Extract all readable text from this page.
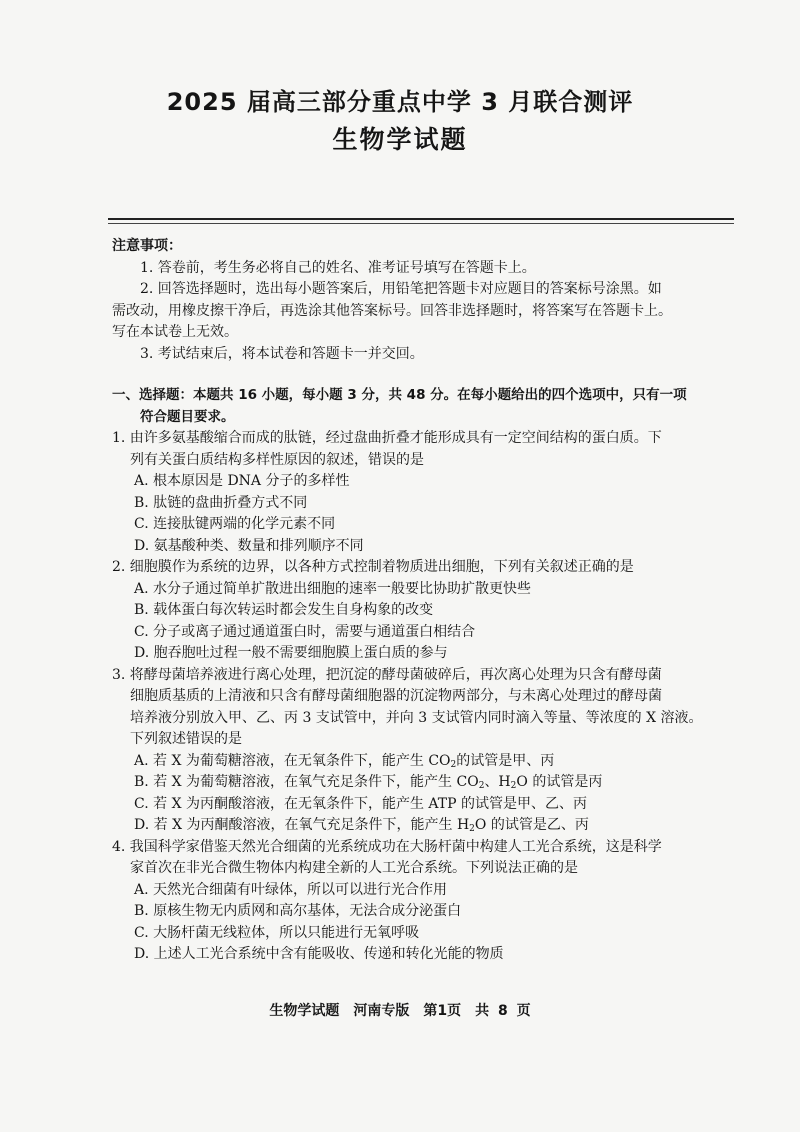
2025 届高三部分重点中学 3 月联合测评
生物学试题

注意事项：

1. 答卷前，考生务必将自己的姓名、准考证号填写在答题卡上。

2. 回答选择题时，选出每小题答案后，用铅笔把答题卡对应题目的答案标号涂黑。如

需改动，用橡皮擦干净后，再选涂其他答案标号。回答非选择题时，将答案写在答题卡上。

写在本试卷上无效。

3. 考试结束后，将本试卷和答题卡一并交回。

一、选择题：本题共 16 小题，每小题 3 分，共 48 分。在每小题给出的四个选项中，只有一项

符合题目要求。

1. 由许多氨基酸缩合而成的肽链，经过盘曲折叠才能形成具有一定空间结构的蛋白质。下

列有关蛋白质结构多样性原因的叙述，错误的是

A. 根本原因是 DNA 分子的多样性

B. 肽链的盘曲折叠方式不同

C. 连接肽键两端的化学元素不同

D. 氨基酸种类、数量和排列顺序不同

2. 细胞膜作为系统的边界，以各种方式控制着物质进出细胞，下列有关叙述正确的是

A. 水分子通过简单扩散进出细胞的速率一般要比协助扩散更快些

B. 载体蛋白每次转运时都会发生自身构象的改变

C. 分子或离子通过通道蛋白时，需要与通道蛋白相结合

D. 胞吞胞吐过程一般不需要细胞膜上蛋白质的参与

3. 将酵母菌培养液进行离心处理，把沉淀的酵母菌破碎后，再次离心处理为只含有酵母菌

细胞质基质的上清液和只含有酵母菌细胞器的沉淀物两部分，与未离心处理过的酵母菌

培养液分别放入甲、乙、丙 3 支试管中，并向 3 支试管内同时滴入等量、等浓度的 X 溶液。

下列叙述错误的是

A. 若 X 为葡萄糖溶液，在无氧条件下，能产生 $CO_2$的试管是甲、丙

B. 若 X 为葡萄糖溶液，在氧气充足条件下，能产生 $CO_2$、$H_2O$ 的试管是丙

C. 若 X 为丙酮酸溶液，在无氧条件下，能产生 ATP 的试管是甲、乙、丙

D. 若 X 为丙酮酸溶液，在氧气充足条件下，能产生 $H_2O$ 的试管是乙、丙

4. 我国科学家借鉴天然光合细菌的光系统成功在大肠杆菌中构建人工光合系统，这是科学

家首次在非光合微生物体内构建全新的人工光合系统。下列说法正确的是

A. 天然光合细菌有叶绿体，所以可以进行光合作用

B. 原核生物无内质网和高尔基体，无法合成分泌蛋白

C. 大肠杆菌无线粒体，所以只能进行无氧呼吸

D. 上述人工光合系统中含有能吸收、传递和转化光能的物质

生物学试题　河南专版　第1页　共 8 页
